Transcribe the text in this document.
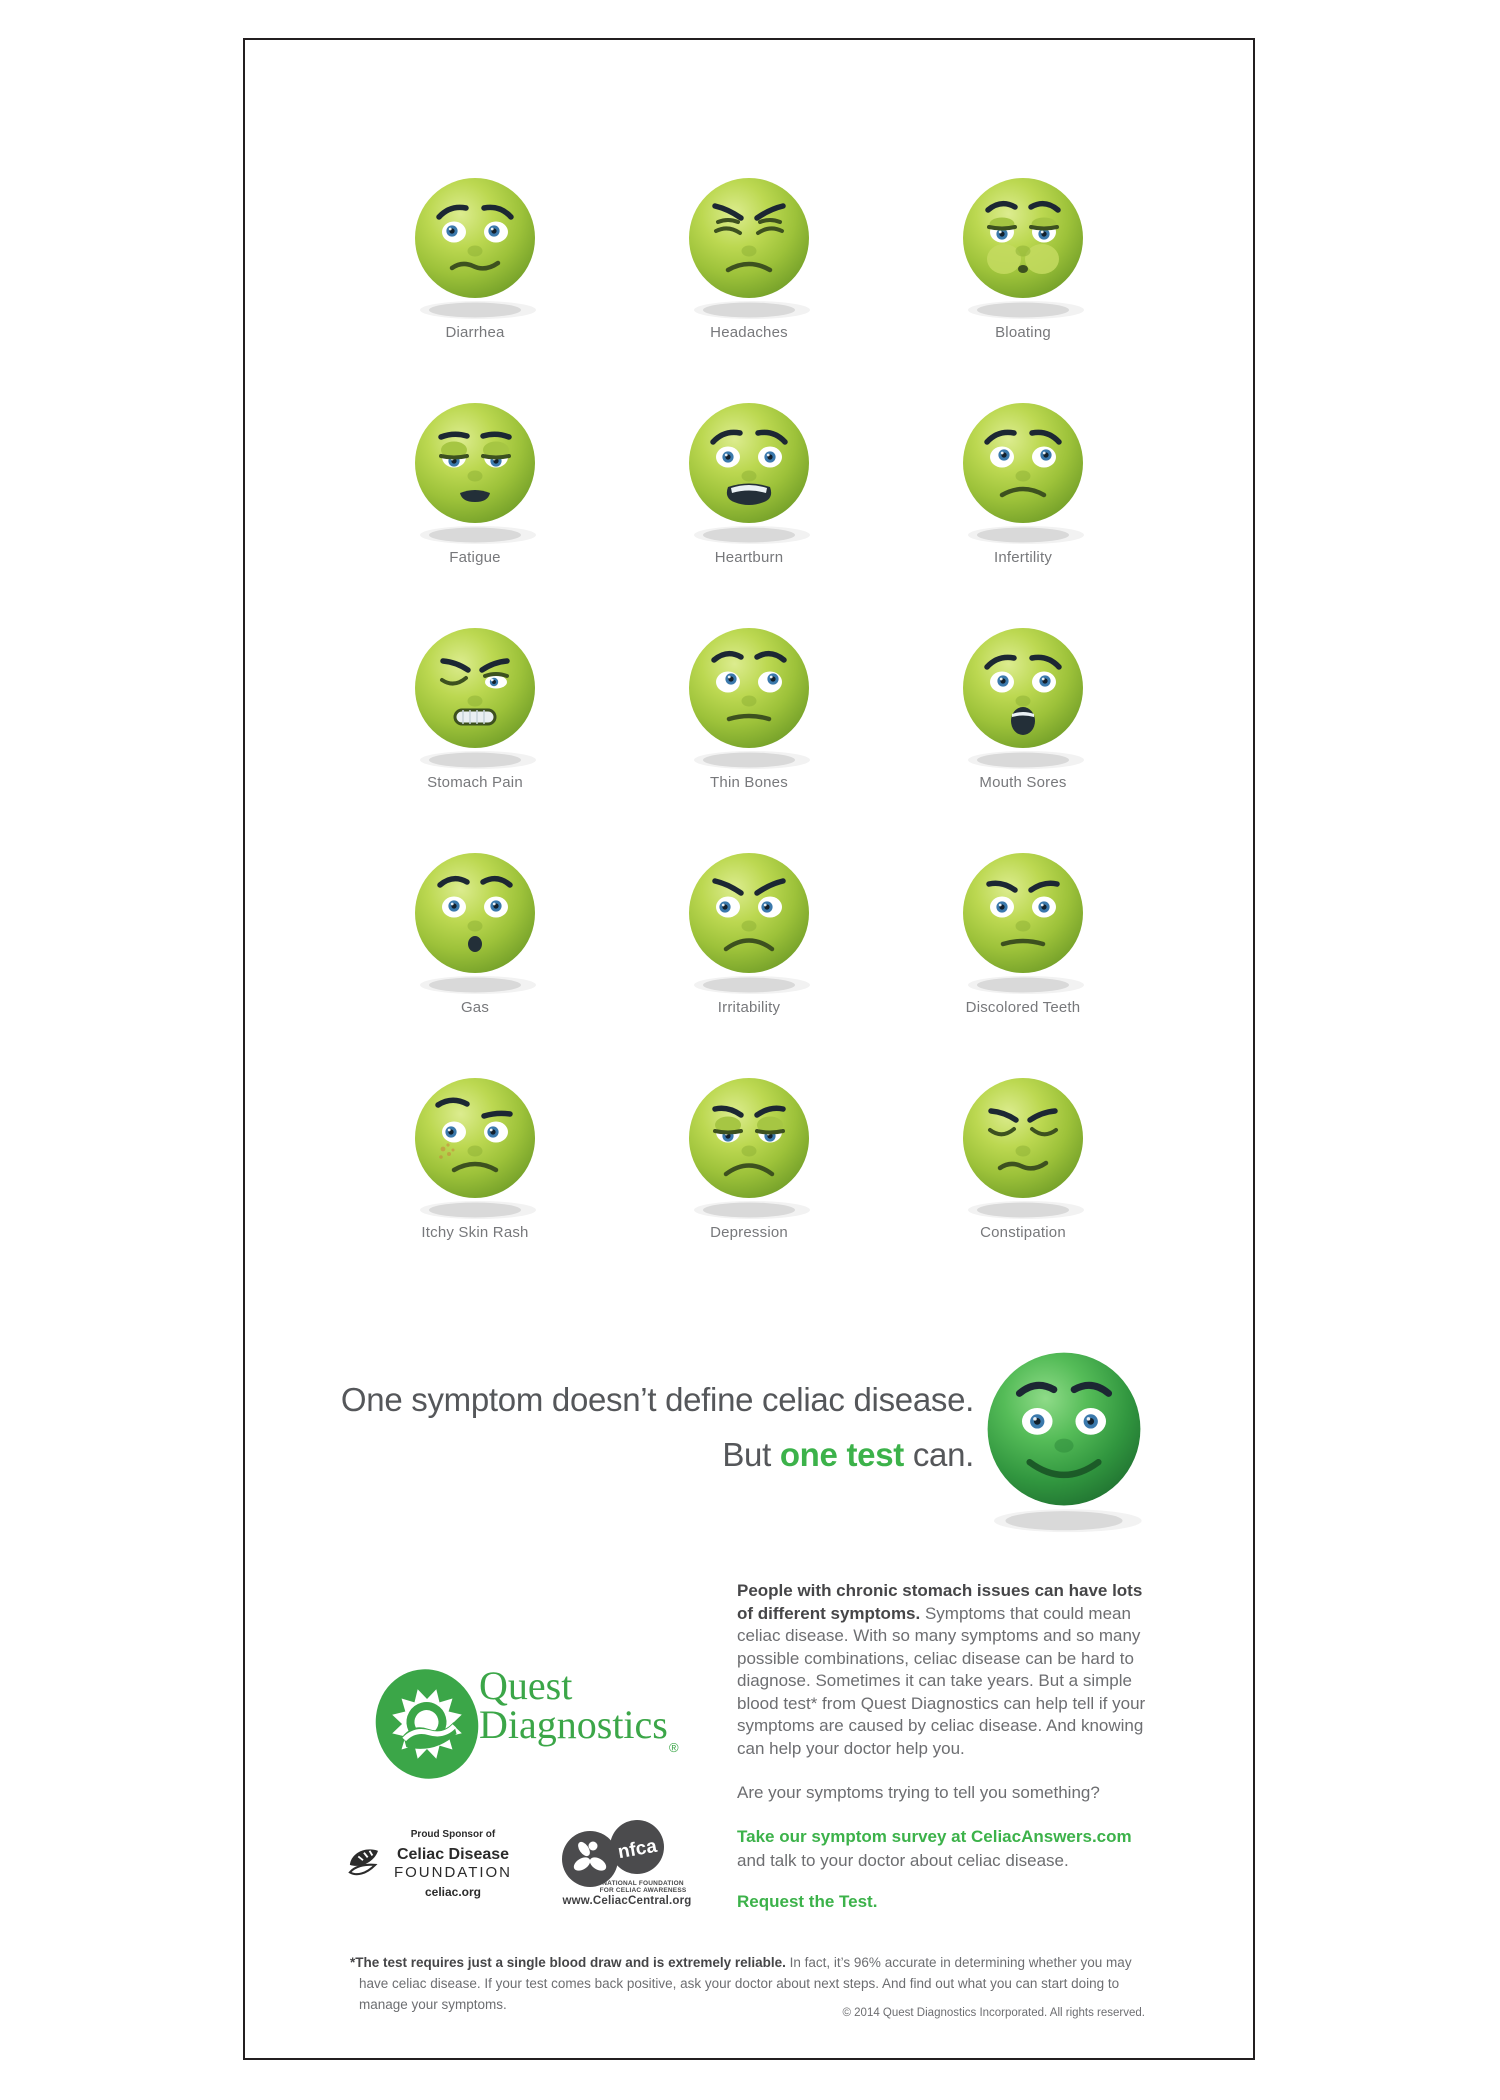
Diarrhea	Headaches	Bloating
Fatigue	Heartburn	Infertility
Stomach Pain	Thin Bones	Mouth Sores
Gas	Irritability	Discolored Teeth
Itchy Skin Rash	Depression	Constipation
One symptom doesn’t define celiac disease.
But one test can.
Quest
Diagnostics
®
People with chronic stomach issues can have lots of different symptoms. Symptoms that could mean celiac disease. With so many symptoms and so many possible combinations, celiac disease can be hard to diagnose. Sometimes it can take years. But a simple blood test* from Quest Diagnostics can help tell if your symptoms are caused by celiac disease. And knowing can help your doctor help you.
Are your symptoms trying to tell you something?
Take our symptom survey at CeliacAnswers.com
and talk to your doctor about celiac disease.
Request the Test.
Proud Sponsor of
Celiac Disease
FOUNDATION
celiac.org
nfca
NATIONAL FOUNDATION
FOR CELIAC AWARENESS
www.CeliacCentral.org
*The test requires just a single blood draw and is extremely reliable. In fact, it’s 96% accurate in determining whether you may have celiac disease. If your test comes back positive, ask your doctor about next steps. And find out what you can start doing to manage your symptoms.
© 2014 Quest Diagnostics Incorporated. All rights reserved.
